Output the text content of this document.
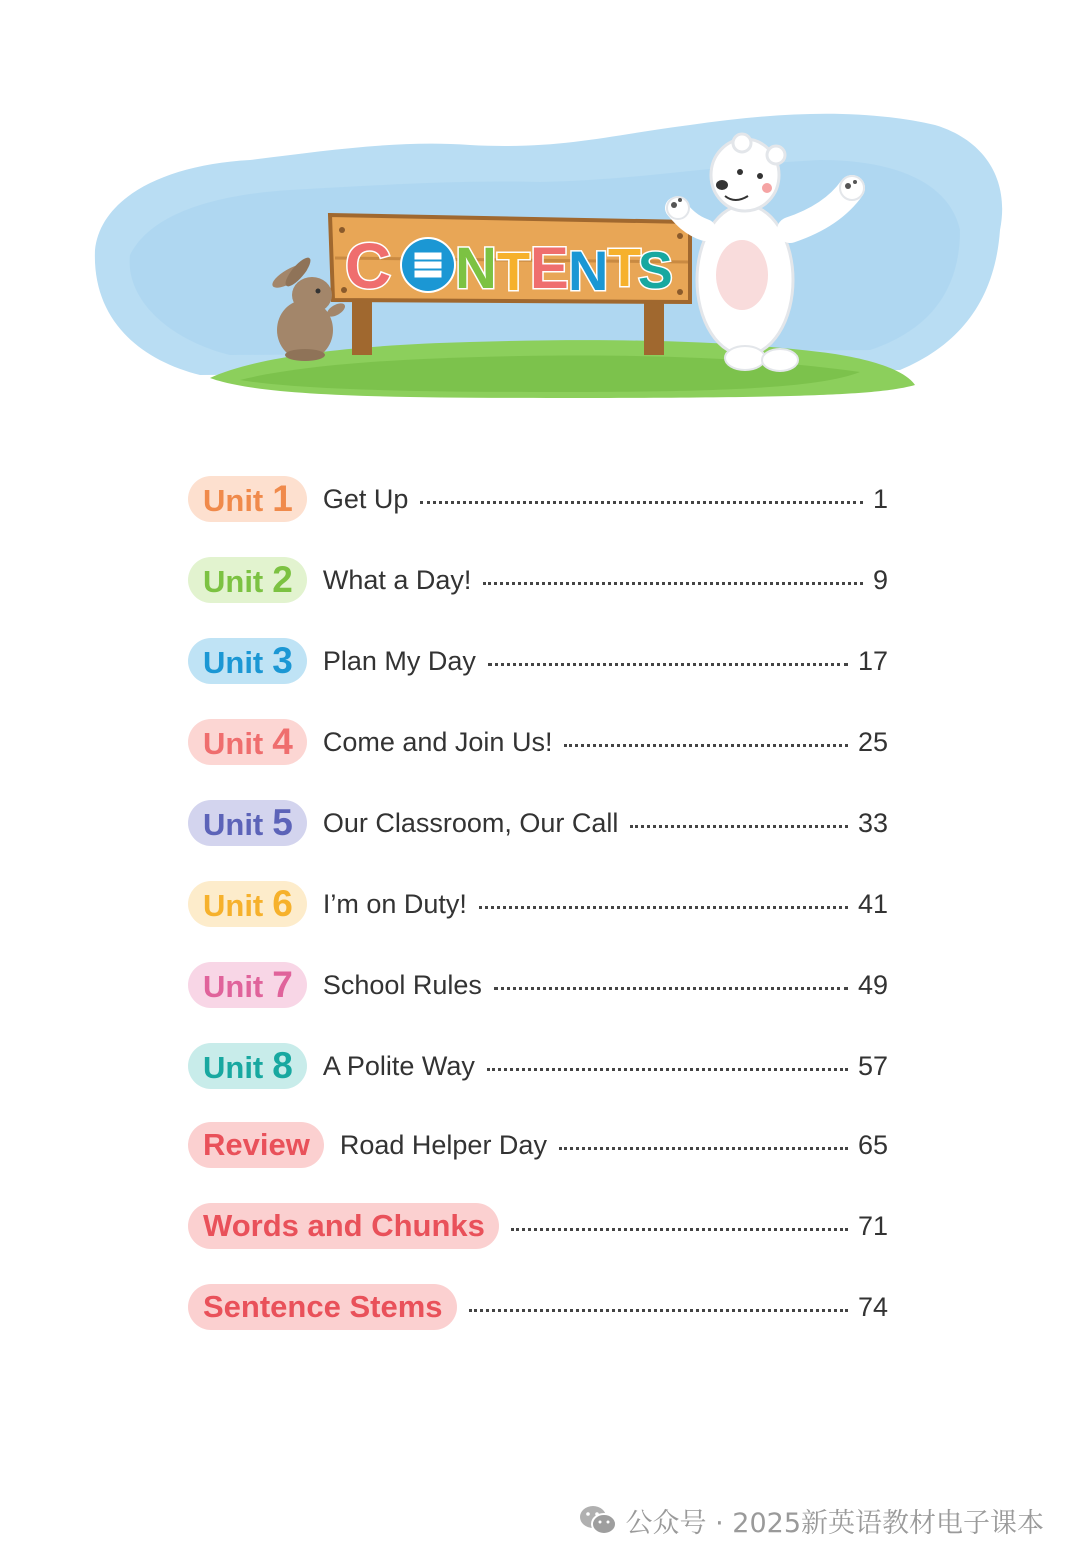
C N T E N T
S
Unit 1 Get Up	1
Unit 2 What a Day!	9
Unit 3 Plan My Day	17
Unit 4 Come and Join Us!	25
Unit 5 Our Classroom, Our Call	33
Unit 6 I’m on Duty!	41
Unit 7 School Rules	49
Unit 8 A Polite Way	57
Review Road Helper Day	65
Words and Chunks	71
Sentence Stems	74
公众号 · 2025新英语教材电子课本
